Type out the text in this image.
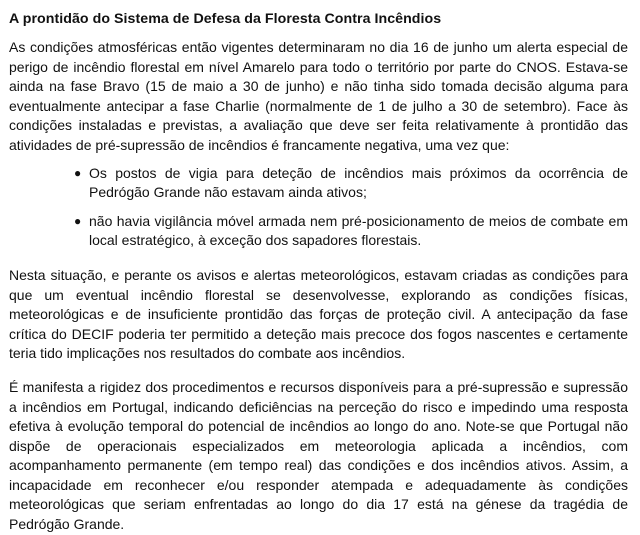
A prontidão do Sistema de Defesa da Floresta Contra Incêndios

As condições atmosféricas então vigentes determinaram no dia 16 de junho um alerta especial de perigo de incêndio florestal em nível Amarelo para todo o território por parte do CNOS. Estava-se ainda na fase Bravo (15 de maio a 30 de junho) e não tinha sido tomada decisão alguma para eventualmente antecipar a fase Charlie (normalmente de 1 de julho a 30 de setembro). Face às condições instaladas e previstas, a avaliação que deve ser feita relativamente à prontidão das atividades de pré-supressão de incêndios é francamente negativa, uma vez que:

● Os postos de vigia para deteção de incêndios mais próximos da ocorrência de Pedrógão Grande não estavam ainda ativos;
● não havia vigilância móvel armada nem pré-posicionamento de meios de combate em local estratégico, à exceção dos sapadores florestais.

Nesta situação, e perante os avisos e alertas meteorológicos, estavam criadas as condições para que um eventual incêndio florestal se desenvolvesse, explorando as condições físicas, meteorológicas e de insuficiente prontidão das forças de proteção civil. A antecipação da fase crítica do DECIF poderia ter permitido a deteção mais precoce dos fogos nascentes e certamente teria tido implicações nos resultados do combate aos incêndios.

É manifesta a rigidez dos procedimentos e recursos disponíveis para a pré-supressão e supressão a incêndios em Portugal, indicando deficiências na perceção do risco e impedindo uma resposta efetiva à evolução temporal do potencial de incêndios ao longo do ano. Note-se que Portugal não dispõe de operacionais especializados em meteorologia aplicada a incêndios, com acompanhamento permanente (em tempo real) das condições e dos incêndios ativos. Assim, a incapacidade em reconhecer e/ou responder atempada e adequadamente às condições meteorológicas que seriam enfrentadas ao longo do dia 17 está na génese da tragédia de Pedrógão Grande.
